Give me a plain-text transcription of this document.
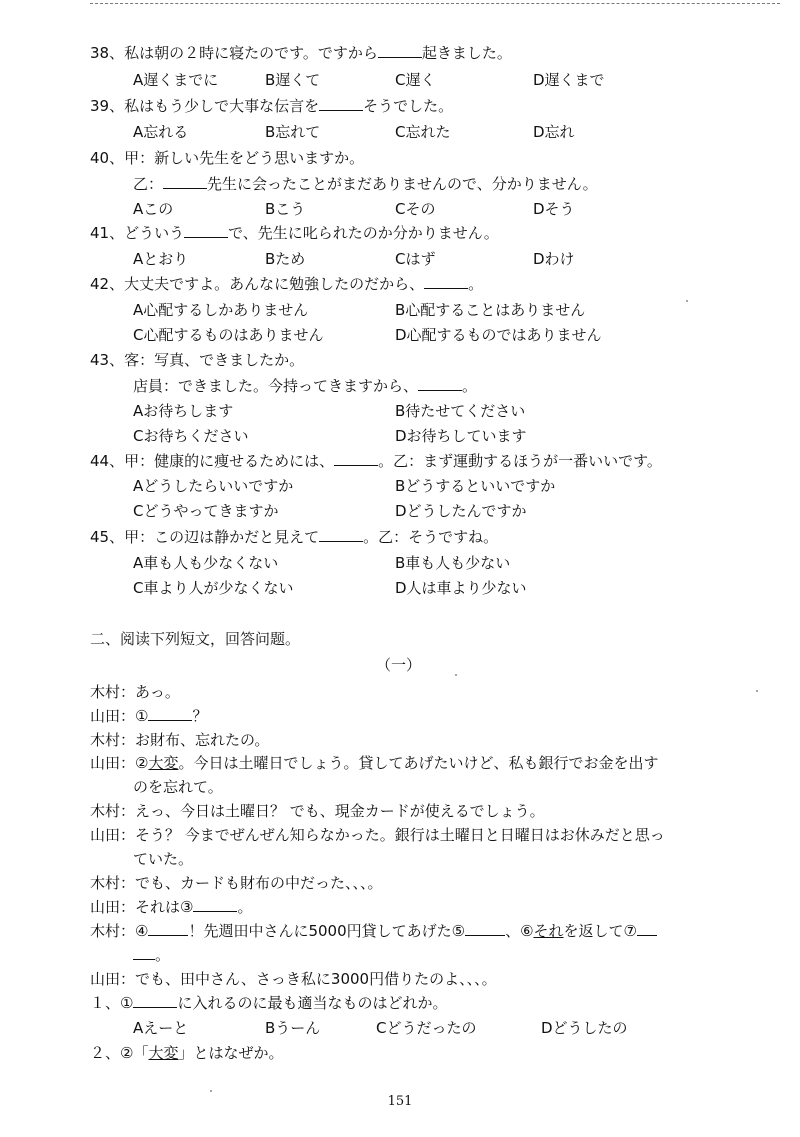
38、私は朝の２時に寝たのです。ですから	起きました。
A遅くまでに	B遅くて	C遅く	D遅くまで
39、私はもう少しで大事な伝言を	そうでした。
A忘れる	B忘れて	C忘れた	D忘れ
40、甲：新しい先生をどう思いますか。
乙：	先生に会ったことがまだありませんので、分かりません。
Aこの	Bこう	Cその	Dそう
41、どういう	で、先生に叱られたのか分かりません。
Aとおり	Bため	Cはず	Dわけ
42、大丈夫ですよ。あんなに勉強したのだから、	。
A心配するしかありません	B心配することはありません
C心配するものはありません	D心配するものではありません
43、客：写真、できましたか。
店員：できました。今持ってきますから、	。
Aお待ちします	B待たせてください
Cお待ちください	Dお待ちしています
44、甲：健康的に痩せるためには、	。乙：まず運動するほうが一番いいです。
Aどうしたらいいですか	Bどうするといいですか
Cどうやってきますか	Dどうしたんですか
45、甲：この辺は静かだと見えて	。乙：そうですね。
A車も人も少なくない	B車も人も少ない
C車より人が少なくない	D人は車より少ない
二、阅读下列短文，回答问题。
（一）
木村：あっ。
山田：①	？
木村：お財布、忘れたの。
山田：②大変。今日は土曜日でしょう。貸してあげたいけど、私も銀行でお金を出す
のを忘れて。
木村：えっ、今日は土曜日？ でも、現金カードが使えるでしょう。
山田：そう？ 今までぜんぜん知らなかった。銀行は土曜日と日曜日はお休みだと思っ
ていた。
木村：でも、カードも財布の中だった、、、。
山田：それは③	。
木村：④	！先週田中さんに5000円貸してあげた⑤	、⑥それを返して⑦
。
山田：でも、田中さん、さっき私に3000円借りたのよ、、、。
１、①	に入れるのに最も適当なものはどれか。
Aえーと	Bうーん	Cどうだったの	Dどうしたの
２、②「大変」とはなぜか。
151
